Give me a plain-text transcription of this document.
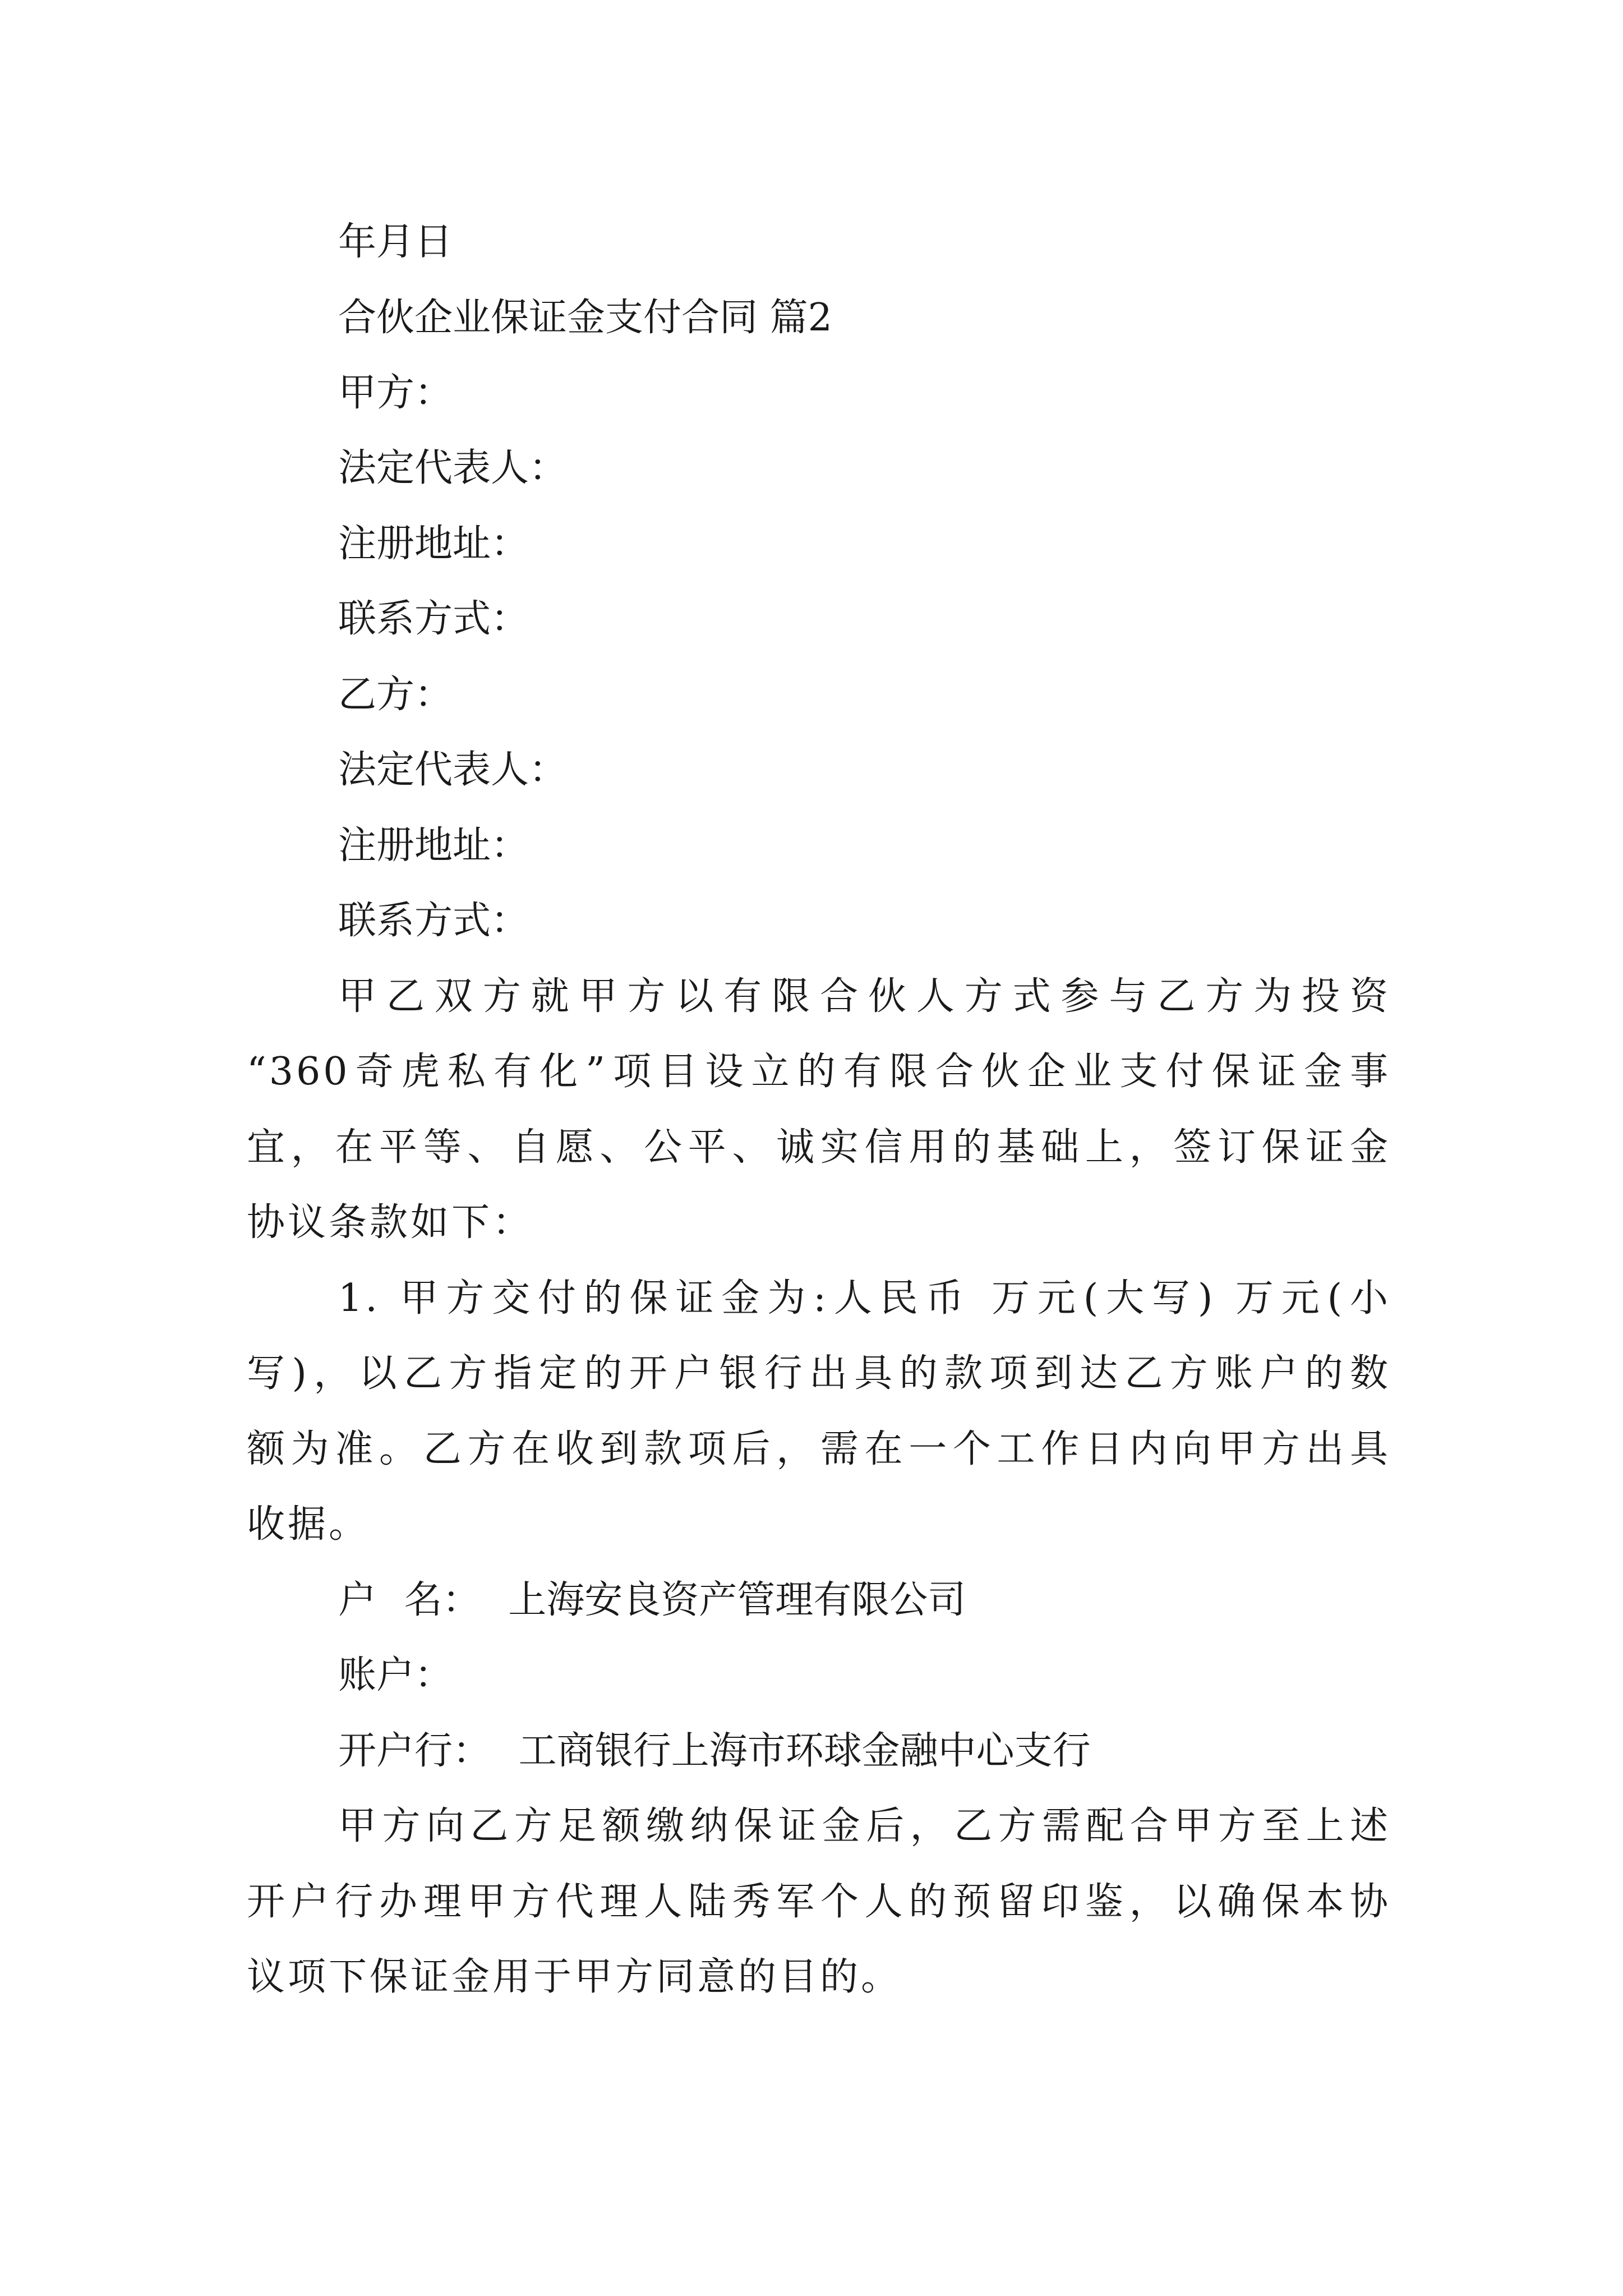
年月日

合伙企业保证金支付合同 篇2

甲方：

法定代表人：

注册地址：

联系方式：

乙方：

法定代表人：

注册地址：

联系方式：

甲乙双方就甲方以有限合伙人方式参与乙方为投资

“360奇虎私有化”项目设立的有限合伙企业支付保证金事

宜，在平等、自愿、公平、诚实信用的基础上，签订保证金

协议条款如下：

1. 甲方交付的保证金为:人民币 万元(大写) 万元(小

写)，以乙方指定的开户银行出具的款项到达乙方账户的数

额为准。乙方在收到款项后，需在一个工作日内向甲方出具

收据。

户 名： 上海安良资产管理有限公司

账户：

开户行： 工商银行上海市环球金融中心支行

甲方向乙方足额缴纳保证金后，乙方需配合甲方至上述

开户行办理甲方代理人陆秀军个人的预留印鉴，以确保本协

议项下保证金用于甲方同意的目的。
